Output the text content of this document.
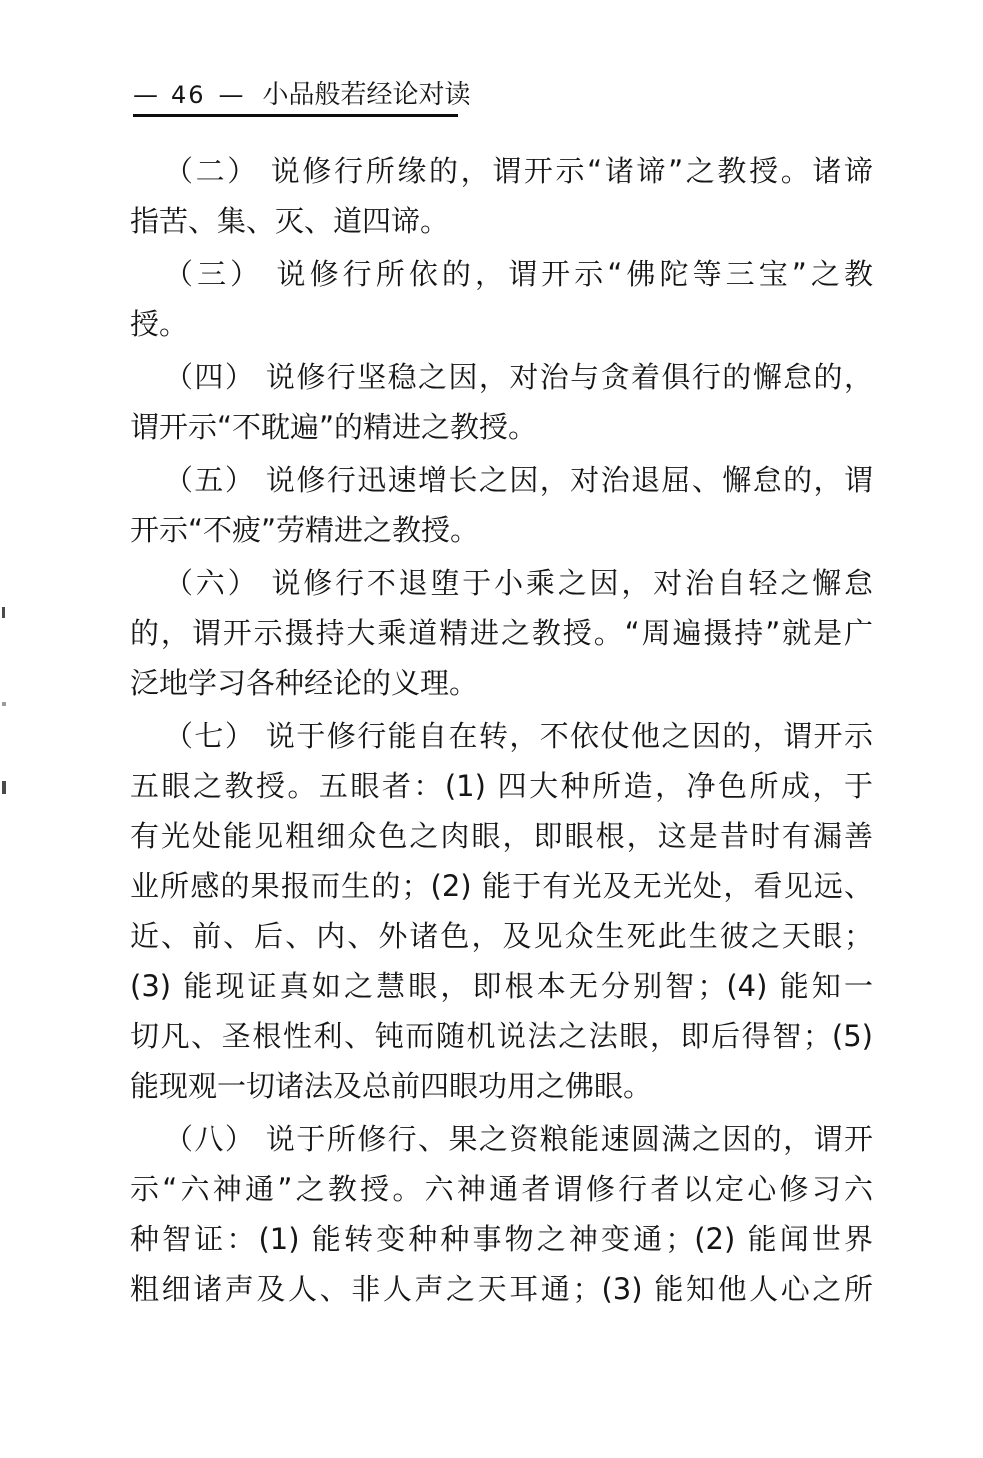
— 46 — 小品般若经论对读
（二） 说修行所缘的，谓开示“诸谛”之教授。诸谛
指苦、集、灭、道四谛。
（三） 说修行所依的，谓开示“佛陀等三宝”之教
授。
（四） 说修行坚稳之因，对治与贪着俱行的懈怠的，
谓开示“不耽遍”的精进之教授。
（五） 说修行迅速增长之因，对治退屈、懈怠的，谓
开示“不疲”劳精进之教授。
（六） 说修行不退堕于小乘之因，对治自轻之懈怠
的，谓开示摄持大乘道精进之教授。“周遍摄持”就是广
泛地学习各种经论的义理。
（七） 说于修行能自在转，不依仗他之因的，谓开示
五眼之教授。五眼者：(1) 四大种所造，净色所成，于
有光处能见粗细众色之肉眼，即眼根，这是昔时有漏善
业所感的果报而生的；(2) 能于有光及无光处，看见远、
近、前、后、内、外诸色，及见众生死此生彼之天眼；
(3) 能现证真如之慧眼，即根本无分别智；(4) 能知一
切凡、圣根性利、钝而随机说法之法眼，即后得智；(5)
能现观一切诸法及总前四眼功用之佛眼。
（八） 说于所修行、果之资粮能速圆满之因的，谓开
示“六神通”之教授。六神通者谓修行者以定心修习六
种智证：(1) 能转变种种事物之神变通；(2) 能闻世界
粗细诸声及人、非人声之天耳通；(3) 能知他人心之所
